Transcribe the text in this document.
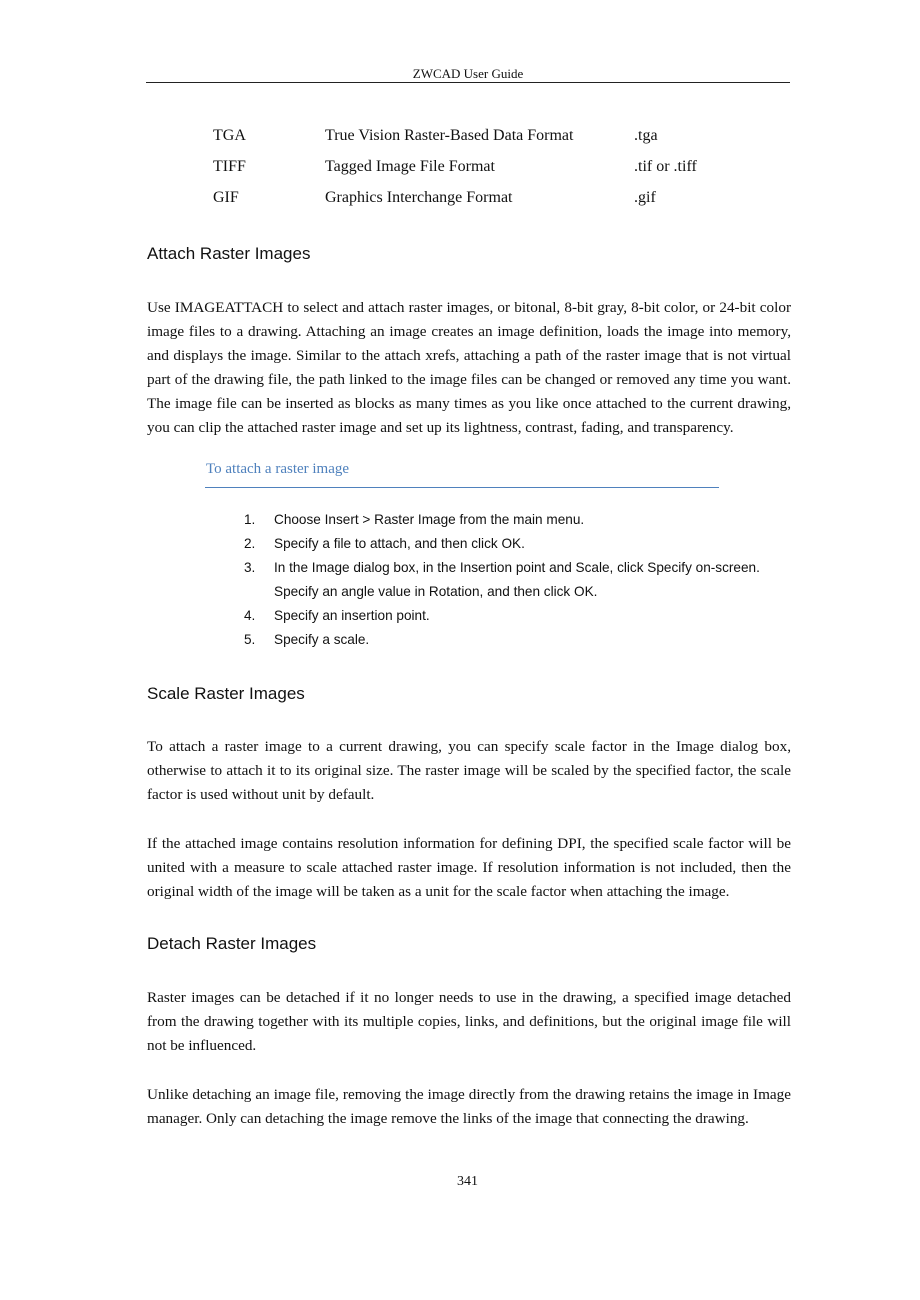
ZWCAD User Guide
TGA	True Vision Raster-Based Data Format	.tga
TIFF	Tagged Image File Format	.tif or .tiff
GIF	Graphics Interchange Format	.gif
Attach Raster Images

Use IMAGEATTACH to select and attach raster images, or bitonal, 8-bit gray, 8-bit color, or 24-bit color image files to a drawing. Attaching an image creates an image definition, loads the image into memory, and displays the image. Similar to the attach xrefs, attaching a path of the raster image that is not virtual part of the drawing file, the path linked to the image files can be changed or removed any time you want. The image file can be inserted as blocks as many times as you like once attached to the current drawing, you can clip the attached raster image and set up its lightness, contrast, fading, and transparency.

To attach a raster image
1. Choose Insert > Raster Image from the main menu.
2. Specify a file to attach, and then click OK.
3. In the Image dialog box, in the Insertion point and Scale, click Specify on-screen. Specify an angle value in Rotation, and then click OK.
4. Specify an insertion point.
5. Specify a scale.
Scale Raster Images

To attach a raster image to a current drawing, you can specify scale factor in the Image dialog box, otherwise to attach it to its original size. The raster image will be scaled by the specified factor, the scale factor is used without unit by default.

If the attached image contains resolution information for defining DPI, the specified scale factor will be united with a measure to scale attached raster image. If resolution information is not included, then the original width of the image will be taken as a unit for the scale factor when attaching the image.

Detach Raster Images

Raster images can be detached if it no longer needs to use in the drawing, a specified image detached from the drawing together with its multiple copies, links, and definitions, but the original image file will not be influenced.

Unlike detaching an image file, removing the image directly from the drawing retains the image in Image manager. Only can detaching the image remove the links of the image that connecting the drawing.

341
